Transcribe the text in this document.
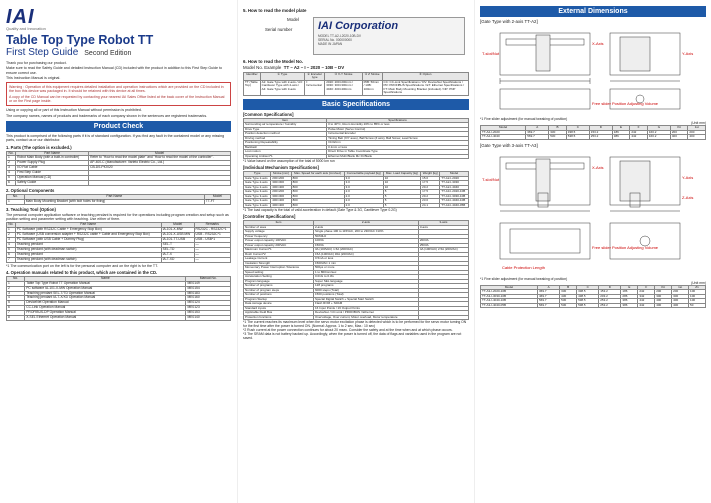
IAI
Quality and Innovation
Table Top Type Robot TT
First Step Guide Second Edition
Thank you for purchasing our product.
Make sure to read the Safety Guide and detailed Instruction Manual (CD) included with the product in addition to this First Step Guide to ensure correct use.
This Instruction Manual is original.
Warning : Operation of this equipment requires detailed installation and operation instructions which are provided on the CD included in the box this device was packaged in. It should be retained with this device at all times.
A copy of the CD Manual can be requested by contacting your nearest IAI Sales Office listed at the back cover of the Instruction Manual or on the First page inside.
Using or copying all or part of this Instruction Manual without permission is prohibited.
The company names, names of products and trademarks of each company shown in the sentences are registered trademarks.
Product Check
This product is comprised of the following parts if it is of standard configuration. If you find any fault in the contained model or any missing parts, contact us or our distributor.
1. Parts (The option is excluded.)
No.	Part Name	Model
1	Robot Main Body (with a built-in controller)	Refer to "How to read the model plate" and "How to read the model of the controller".
2	Power Supply Plug	AP-400-C (Manufacturer: Varieto Electric Co., Ltd.)
3	I/O Flat Cable	CB-DS-PIO020
4	First Step Guide	
5	Operation Manual (CD)	
6	Safety Guide	
2. Optional Components
No.	Part Name	Model
1	Main Body Mounting Bracket (with bolt holes for fixing)	TT-FT
3. Teaching Tool (Option)
The personal computer application software or teaching pendant is required for the operations including program creation and setup such as position setting and parameter setting with teaching. Use either of them.
No.	Part Name	Model	Remarks
1	PC Software (with RS232C Cable + Emergency Stop Box)	IA-101-X-MW	RS232C - RS232C*1
2	PC Software (USB conversion adapter + RS232C cable + Cable and Emergency Stop Box)	IA-101-X-USB MW	USB - RS232C*1
3	PC Software (with USB Cable + Dummy Plug)	IA-101-TT-USB	USB - USB*1
4	Teaching pendant	SEL-T	—
5	Teaching pendant (with deadman switch)	SEL-TD	—
6	Teaching pendant	IA-T-X	—
7	Teaching pendant (with deadman switch)	IA-T-XD	—
*1 The communication port on the left is for the personal computer and on the right is for the TT.
4. Operation manuals related to this product, which are contained in the CD.
No.	Name	Manual No.
1	Table Top Type Robot TT Operation Manual	ME0149
2	PC software IA-101-X-MW Operation Manual	ME0154
3	Teaching pendant SEL-T/TD Operation Manual	ME0183
4	Teaching pendant IA-T-X/XD Operation Manual	ME0160
5	DeviceNet Operation Manual	ME0124
6	CC-Link Operation Manual	ME0123
7	PROFIBUS-DP Operation Manual	ME0153
8	X-SEL Ethernet Operation Manual	ME0140
5. How to read the model plate
Model
Serial number IAI Corporation
MODEL TT-A2-I-2020-10B-DV
SERIAL No. 000000000
MADE IN JAPAN
6. How to read the Model No.
Model No. Example TT – A2 – I – 2020 – 10B – DV
Identifier	① Type	② Encoder type	③ X-Y Stroke	④ Z Stroke	⑤ Option
TT (Table Top)	A2: Gate Type with 2-axis / A3: Cantilever Type with 2-axis / A4: Gate Type with 3-axis	I: Incremental	2020: 200×200mm / 3030: 300×300mm / 4040: 400×400mm	05B: 50mm / 10B: 100mm	CC: CC-Link Specifications / DV: DeviceNet Specifications / PR: PROFIBUS Specifications / ET: Ethernet Specifications / FT: Main Body Mounting Bracket (included) / NP: PNP Specifications
Basic Specifications
[Common Specifications]
Item	Specifications
Surrounding air temperature / humidity	0 to 40°C, Room Humidity 20% to 85% or less
Drive Type	Pulse Motor (Servo Control)
Position detection method	Incremental Encoder
Driving method	Timing Belt (X/Y axes), Ball Screw (Z axis), Ball Screw, Lead Screw
Positioning Repeatability	±0.02mm
Backlash	0.1mm or less
Lost motion	Direct Drive in Table Coordinate Type
Operating Ambient*1	Ethernet Multi Blank Mc Dt Blank
*1 Value based on the assumption of the total of 5000 km run
[Individual Mechanism Specifications]
Type	Stroke [mm]	Max. Speed for each axis [mm/sec]	Connectable payload [kg]	Max. Load Capacity [kg]	Weight [kg]	Model
Gate Type 2-axis	200×200	800	3.0	10	15.0	TT-A2-I-2020
Gate Type 2-axis	300×300	800	3.0	10	17.5	TT-A2-I-3030
Gate Type 2-axis	400×400	800	3.0	10	20.2	TT-A2-I-4040
Gate Type 3-axis	200×200	800	2.0	5	17.5	TT-A3-I-2020-10B
Gate Type 3-axis	300×300	800	2.0	5	20.2	TT-A3-I-3030-10B
Gate Type 3-axis	400×400	800	2.0	5	23.0	TT-A3-I-4040-10B
Gate Type 3-axis	400×400	800	2.0	5	24.1	TT-A3-I-4040-05B
*1 The load capacity is the total of valid acceleration in default (Gate Type & 3G, Cantilever Type 0.2G)
[Controller Specifications]
Item	2-axis	3-axis
Number of axes	2-axis	3-axis
Supply voltage	Single phase 100 to 115VAC, 200 to 230VAC ±10%	
Power frequency	50/60Hz	
Power output capacity 100VAC	100VA	200VA
Power output capacity 200VAC	150VA	250VA
Maximum Current*1	3A (100VAC) 1.5A (200VAC)	4A (100VAC) 2.5A (200VAC)
Rush Current*2	15A (100VAC) 30A (200VAC)	
Leakage Current	0.5mA or less	
Insulation Strength	1500VAC 1 min	
Momentary Power Interruption Tolerance	500μs or more	
Speed setting	1 to 800mm/sec	
Acceleration Setting	0.01G to 0.3G	
Program language	Super SEL language	
Number of programs	128 programs	
Number of program steps	6000 steps (Total)	
Number of positions	1500 positions (Total)	
Program Startup	Special Digital Switch + Special Start Switch	
Data storage device	Flash ROM + SRAM	
Standard inputs	16 Input Points / 16 Output Points	
Applicable Field Bus	DeviceNet / CC-Link / PROFIBUS / Ethernet	
Protection functions	Overvoltage, Over current, Motor overload, Motor temperature	
*1 The current reaches its maximum level when the servo motor excitation phase is detected which is to be performed for the servo motor turning ON for the first time after the power is turned ON. (Normal: Approx. 1 to 2 sec, Max.: 10 sec)
*2 Rush current at the power connection continues for about 20 msec. Consider the safety and at the time when and at which phase occurs.
*3 The SRAM data is not battery backed up. Accordingly, when the power is turned off, the data of flags and variables used in the program are not saved.
External Dimensions
[Gate Type with 2-axis TT-A2]
T-slot/Nut
X-Axis
Y-Axis
Free slider Position Adjusting Volume
*1 Fine slider adjustment (for manual tweaking of position)
(Unit mm)
Model	A	B	C	D	E	F	G	Kit	1st
TT-A2-I-2020	369.7	330	338.5	153.2	186	242	160.2	200	200
TT-A2-I-4040	569.7	530	538.5	253.2	386	442	160.2	400	400
[Gate Type with 3-axis TT-A3]
T-slot/Nut
X-Axis
Y-Axis
Z-Axis
Cable Protection Length
Free slider Position Adjusting Volume
*1 Fine slider adjustment (for manual tweaking of position)
(Unit mm)
Model	A	B	C	D	E	F	Kit	1st	Z1
TT-A3-I-2020-10B	369.7	330	338.5	153.2	186	242	200	200	100
TT-A3-I-3030-10B	469.7	430	438.5	203.2	286	342	300	300	100
TT-A3-I-4040-10B	569.7	530	538.5	253.2	386	442	400	400	100
TT-A3-I-4040-05B	569.7	530	538.5	253.2	386	442	400	400	50
